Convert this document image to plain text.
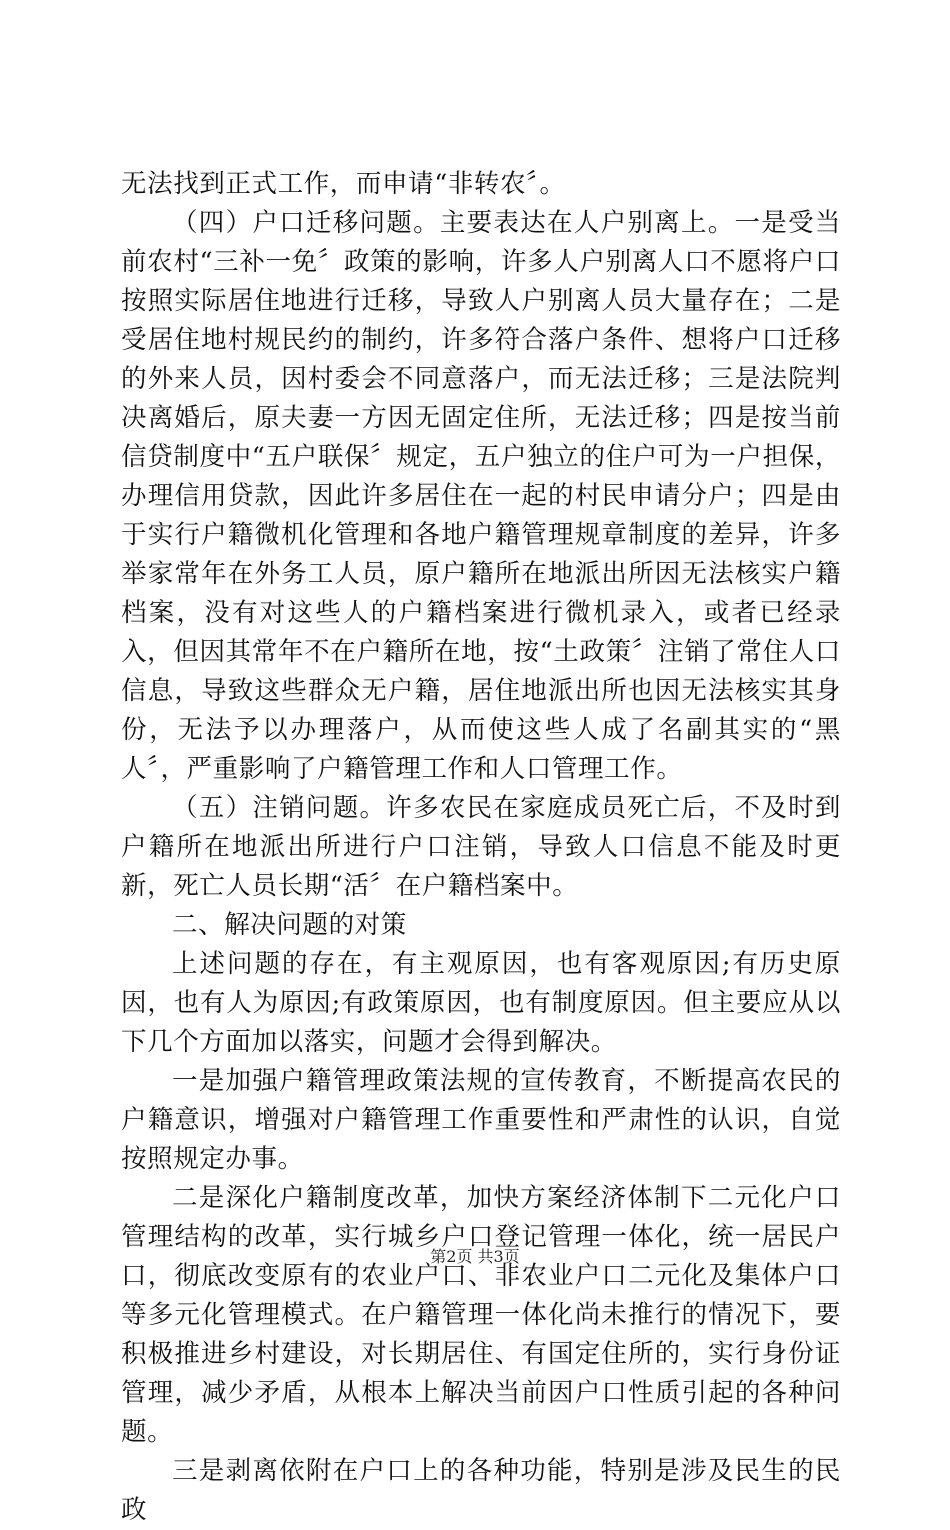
无法找到正式工作，而申请“非转农〞。

（四）户口迁移问题。主要表达在人户别离上。一是受当前农村“三补一免〞政策的影响，许多人户别离人口不愿将户口按照实际居住地进行迁移，导致人户别离人员大量存在；二是受居住地村规民约的制约，许多符合落户条件、想将户口迁移的外来人员，因村委会不同意落户，而无法迁移；三是法院判决离婚后，原夫妻一方因无固定住所，无法迁移；四是按当前信贷制度中“五户联保〞规定，五户独立的住户可为一户担保，办理信用贷款，因此许多居住在一起的村民申请分户；四是由于实行户籍微机化管理和各地户籍管理规章制度的差异，许多举家常年在外务工人员，原户籍所在地派出所因无法核实户籍档案，没有对这些人的户籍档案进行微机录入，或者已经录入，但因其常年不在户籍所在地，按“土政策〞注销了常住人口信息，导致这些群众无户籍，居住地派出所也因无法核实其身份，无法予以办理落户，从而使这些人成了名副其实的“黑人〞，严重影响了户籍管理工作和人口管理工作。

（五）注销问题。许多农民在家庭成员死亡后，不及时到户籍所在地派出所进行户口注销，导致人口信息不能及时更新，死亡人员长期“活〞在户籍档案中。

二、解决问题的对策

上述问题的存在，有主观原因，也有客观原因;有历史原因，也有人为原因;有政策原因，也有制度原因。但主要应从以下几个方面加以落实，问题才会得到解决。

一是加强户籍管理政策法规的宣传教育，不断提高农民的户籍意识，增强对户籍管理工作重要性和严肃性的认识，自觉按照规定办事。

二是深化户籍制度改革，加快方案经济体制下二元化户口管理结构的改革，实行城乡户口登记管理一体化，统一居民户口，彻底改变原有的农业户口、非农业户口二元化及集体户口等多元化管理模式。在户籍管理一体化尚未推行的情况下，要积极推进乡村建设，对长期居住、有国定住所的，实行身份证管理，减少矛盾，从根本上解决当前因户口性质引起的各种问题。

三是剥离依附在户口上的各种功能，特别是涉及民生的民政

第2页 共3页
